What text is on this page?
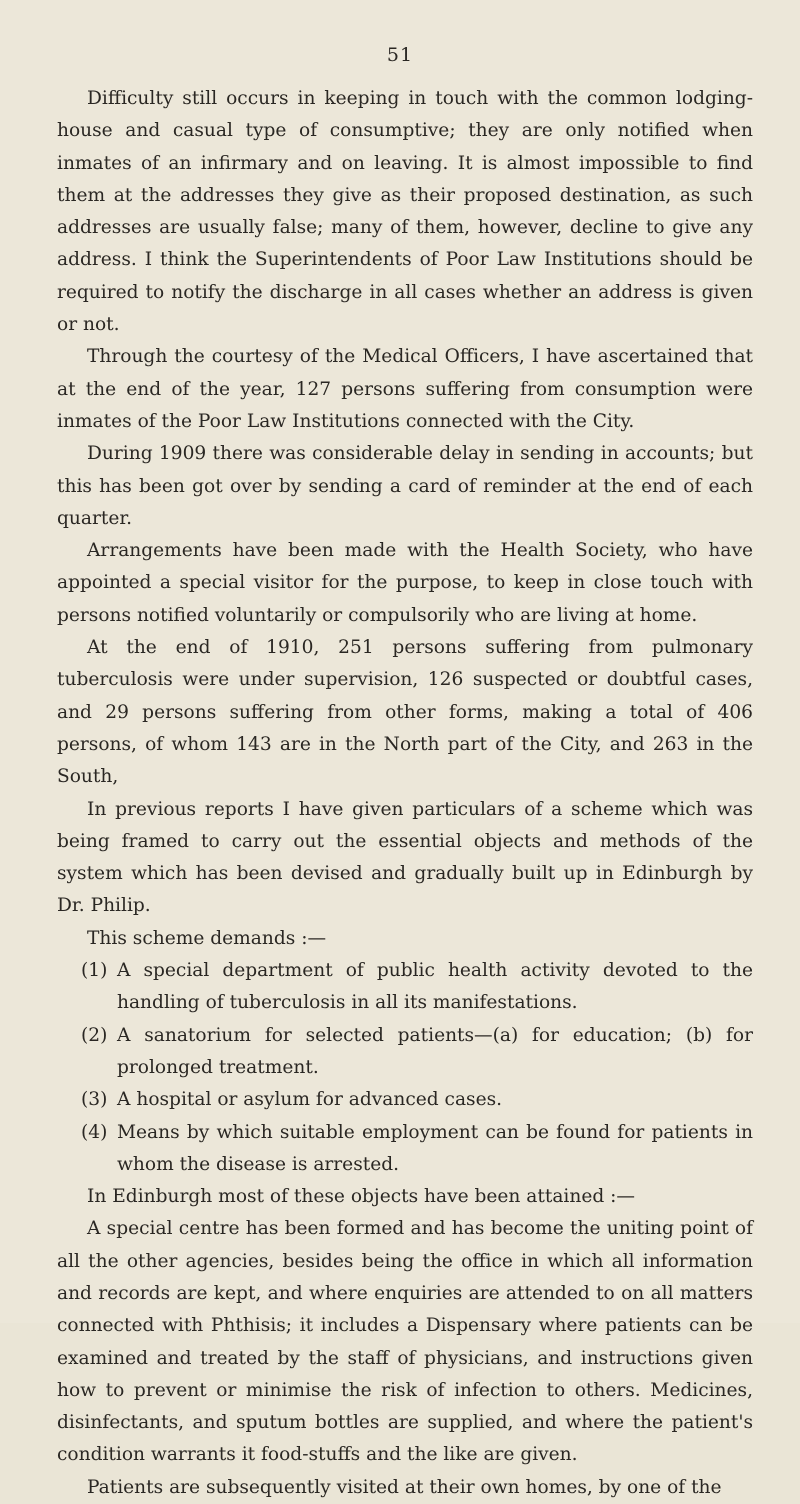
51

Difficulty still occurs in keeping in touch with the common lodging-house and casual type of consumptive; they are only notified when inmates of an infirmary and on leaving. It is almost impossible to find them at the addresses they give as their proposed destination, as such addresses are usually false; many of them, however, decline to give any address. I think the Superintendents of Poor Law Institutions should be required to notify the discharge in all cases whether an address is given or not.

Through the courtesy of the Medical Officers, I have ascertained that at the end of the year, 127 persons suffering from consumption were inmates of the Poor Law Institutions connected with the City.

During 1909 there was considerable delay in sending in accounts; but this has been got over by sending a card of reminder at the end of each quarter.

Arrangements have been made with the Health Society, who have appointed a special visitor for the purpose, to keep in close touch with persons notified voluntarily or compulsorily who are living at home.

At the end of 1910, 251 persons suffering from pulmonary tuberculosis were under supervision, 126 suspected or doubtful cases, and 29 persons suffering from other forms, making a total of 406 persons, of whom 143 are in the North part of the City, and 263 in the South,

In previous reports I have given particulars of a scheme which was being framed to carry out the essential objects and methods of the system which has been devised and gradually built up in Edinburgh by Dr. Philip.

This scheme demands :—

(1) A special department of public health activity devoted to the handling of tuberculosis in all its manifestations.

(2) A sanatorium for selected patients—(a) for education; (b) for prolonged treatment.

(3) A hospital or asylum for advanced cases.

(4) Means by which suitable employment can be found for patients in whom the disease is arrested.

In Edinburgh most of these objects have been attained :—

A special centre has been formed and has become the uniting point of all the other agencies, besides being the office in which all information and records are kept, and where enquiries are attended to on all matters connected with Phthisis; it includes a Dispensary where patients can be examined and treated by the staff of physicians, and instructions given how to prevent or minimise the risk of infection to others. Medicines, disinfectants, and sputum bottles are supplied, and where the patient's condition warrants it food-stuffs and the like are given.

Patients are subsequently visited at their own homes, by one of the
